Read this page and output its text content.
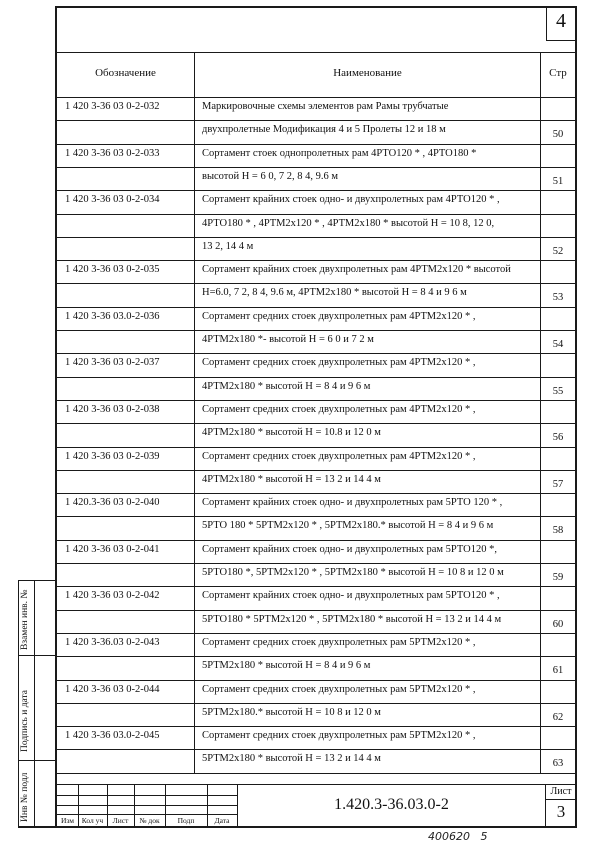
4
Обозначение	Наименование	Стр
1 420 3-36 03 0-2-032	Маркировочные схемы элементов рам Рамы трубчатые
двухпролетные Модификация 4 и 5 Пролеты 12 и 18 м	50
1 420 3-36 03 0-2-033	Сортамент стоек однопролетных рам 4РТО120 * , 4РТО180 *
высотой Н = 6 0, 7 2, 8 4, 9.6 м	51
1 420 3-36 03 0-2-034	Сортамент крайних стоек одно- и двухпролетных рам 4РТО120 * ,
4РТО180 * , 4РТМ2х120 * , 4РТМ2х180 * высотой Н = 10 8, 12 0,
13 2, 14 4 м	52
1 420 3-36 03 0-2-035	Сортамент крайних стоек двухпролетных рам 4РТМ2х120 * высотой
Н=6.0, 7 2, 8 4, 9.6 м, 4РТМ2х180 * высотой Н = 8 4 и 9 6 м	53
1 420 3-36 03.0-2-036	Сортамент средних стоек двухпролетных рам 4РТМ2х120 * ,
4РТМ2х180 *- высотой Н = 6 0 и 7 2 м	54
1 420 3-36 03 0-2-037	Сортамент средних стоек двухпролетных рам 4РТМ2х120 * ,
4РТМ2х180 * высотой Н = 8 4 и 9 6 м	55
1 420 3-36 03 0-2-038	Сортамент средних стоек двухпролетных рам 4РТМ2х120 * ,
4РТМ2х180 * высотой Н = 10.8 и 12 0 м	56
1 420 3-36 03 0-2-039	Сортамент средних стоек двухпролетных рам 4РТМ2х120 * ,
4РТМ2х180 * высотой Н = 13 2 и 14 4 м	57
1 420.3-36 03 0-2-040	Сортамент крайних стоек одно- и двухпролетных рам 5РТО 120 * ,
5РТО 180 * 5РТМ2х120 * , 5РТМ2х180.* высотой Н = 8 4 и 9 6 м	58
1 420 3-36 03 0-2-041	Сортамент крайних стоек одно- и двухпролетных рам 5РТО120 *,
5РТО180 *, 5РТМ2х120 * , 5РТМ2х180 * высотой Н = 10 8 и 12 0 м	59
1 420 3-36 03 0-2-042	Сортамент крайних стоек одно- и двухпролетных рам 5РТО120 * ,
5РТО180 * 5РТМ2х120 * , 5РТМ2х180 * высотой Н = 13 2 и 14 4 м	60
1 420 3-36.03 0-2-043	Сортамент средних стоек двухпролетных рам 5РТМ2х120 * ,
5РТМ2х180 * высотой Н = 8 4 и 9 6 м	61
1 420 3-36 03 0-2-044	Сортамент средних стоек двухпролетных рам 5РТМ2х120 * ,
5РТМ2х180.* высотой Н = 10 8 и 12 0 м	62
1 420 3-36 03.0-2-045	Сортамент средних стоек двухпролетных рам 5РТМ2х120 * ,
5РТМ2х180 * высотой Н = 13 2 и 14 4 м	63
Взамен инв. №
Подпись и дата
Инв № подл	Изм	Кол уч	Лист	№ док	Подп	Дата
1.420.3-36.03.0-2
Лист
3
400620   5
